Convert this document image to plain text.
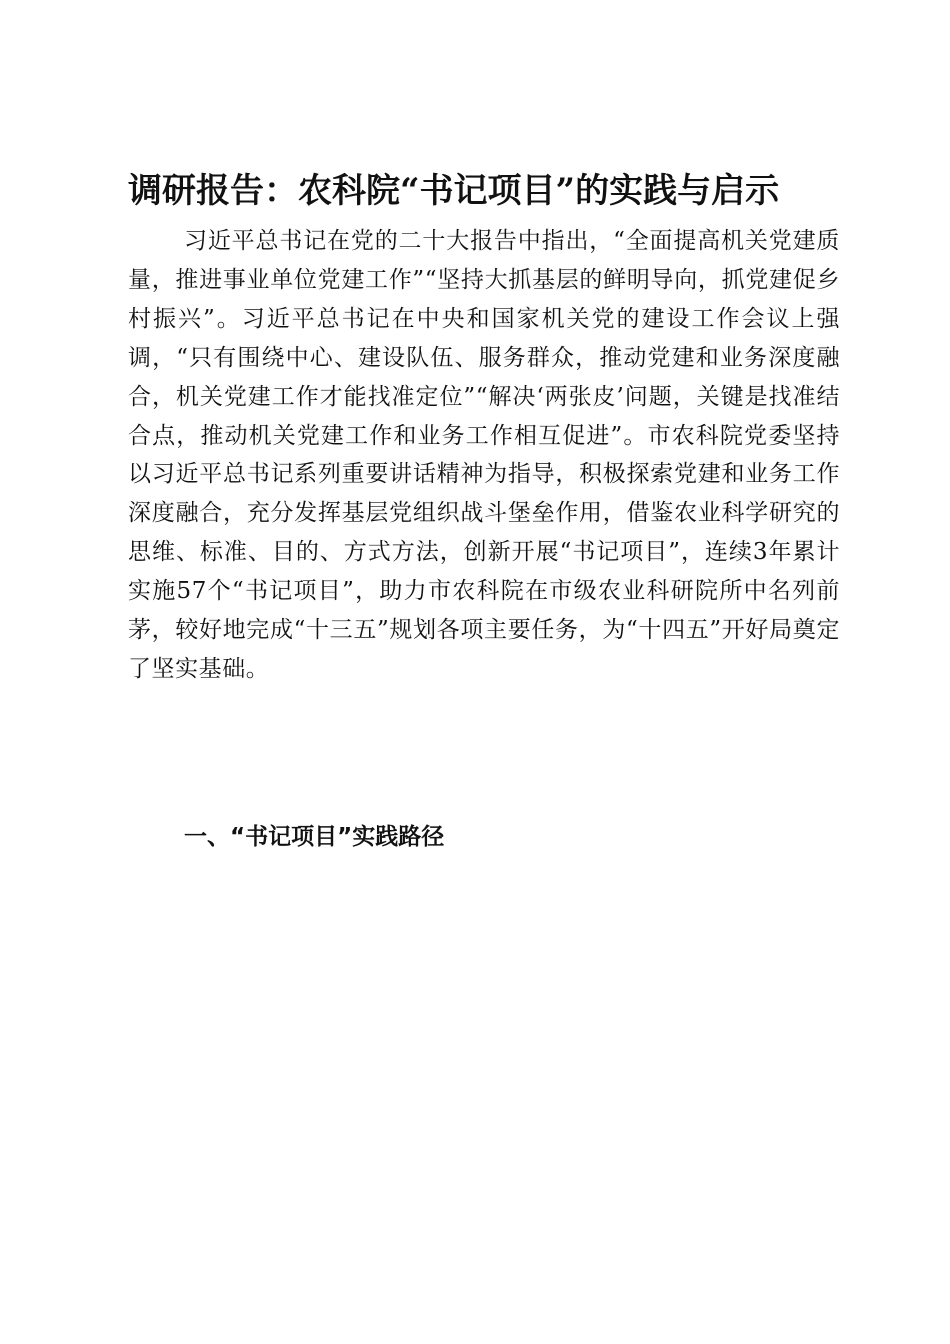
调研报告：农科院“书记项目”的实践与启示

习近平总书记在党的二十大报告中指出，“全面提高机关党建质量，推进事业单位党建工作”“坚持大抓基层的鲜明导向，抓党建促乡村振兴”。习近平总书记在中央和国家机关党的建设工作会议上强调，“只有围绕中心、建设队伍、服务群众，推动党建和业务深度融合，机关党建工作才能找准定位”“解决‘两张皮’问题，关键是找准结合点，推动机关党建工作和业务工作相互促进”。市农科院党委坚持以习近平总书记系列重要讲话精神为指导，积极探索党建和业务工作深度融合，充分发挥基层党组织战斗堡垒作用，借鉴农业科学研究的思维、标准、目的、方式方法，创新开展“书记项目”，连续3年累计实施57个“书记项目”，助力市农科院在市级农业科研院所中名列前茅，较好地完成“十三五”规划各项主要任务，为“十四五”开好局奠定了坚实基础。

一、“书记项目”实践路径
